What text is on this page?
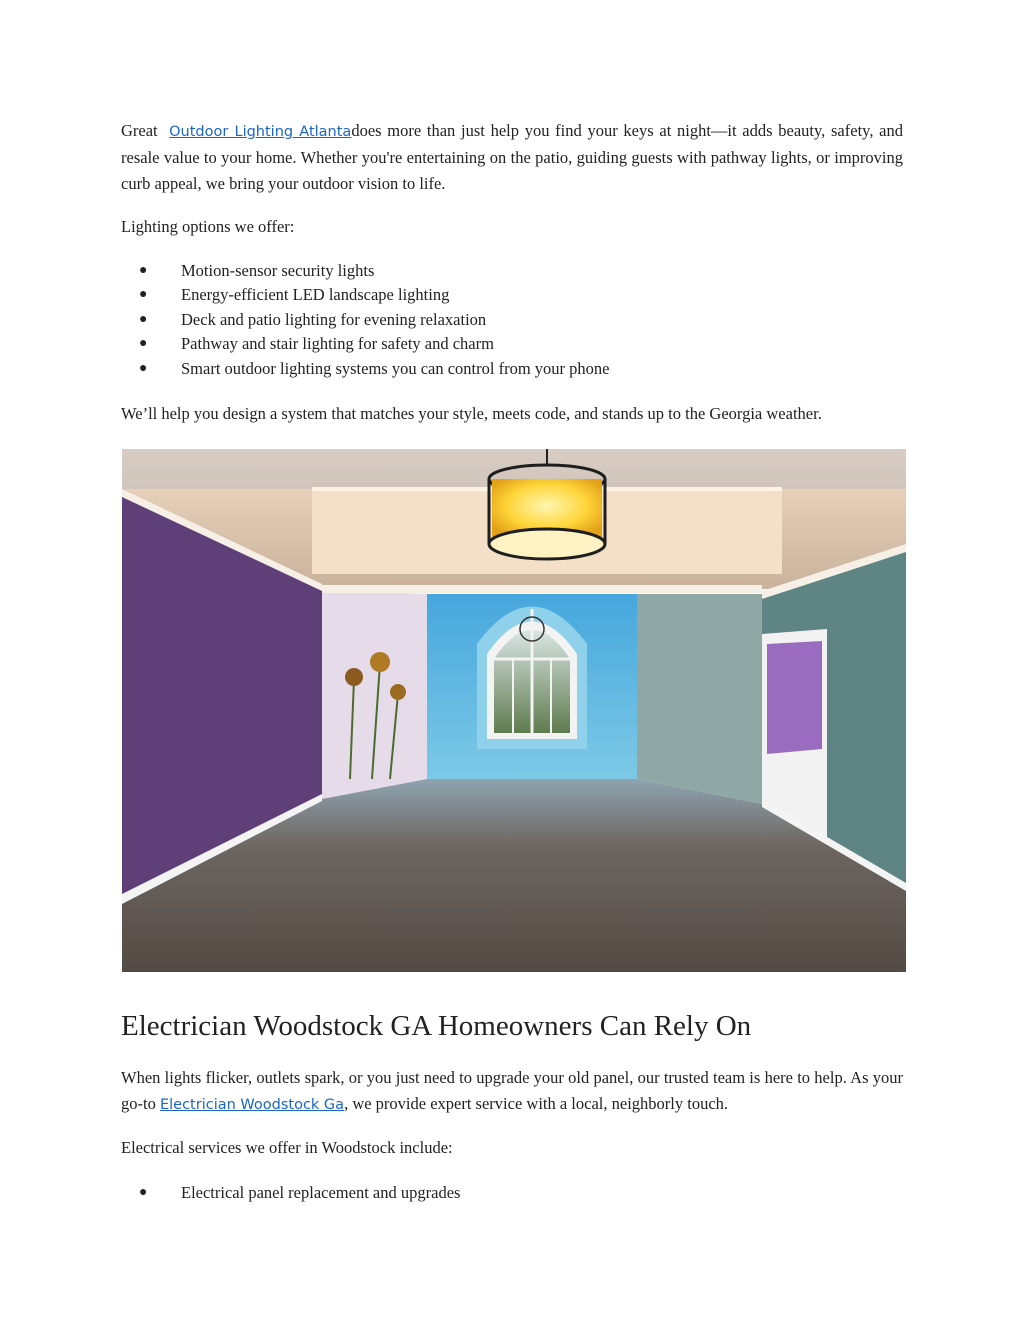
Great Outdoor Lighting Atlantadoes more than just help you find your keys at night—it adds beauty, safety, and resale value to your home. Whether you're entertaining on the patio, guiding guests with pathway lights, or improving curb appeal, we bring your outdoor vision to life.

Lighting options we offer:

● Motion-sensor security lights
● Energy-efficient LED landscape lighting
● Deck and patio lighting for evening relaxation
● Pathway and stair lighting for safety and charm
● Smart outdoor lighting systems you can control from your phone

We’ll help you design a system that matches your style, meets code, and stands up to the Georgia weather.

Electrician Woodstock GA Homeowners Can Rely On

When lights flicker, outlets spark, or you just need to upgrade your old panel, our trusted team is here to help. As your go-to Electrician Woodstock Ga, we provide expert service with a local, neighborly touch.

Electrical services we offer in Woodstock include:

● Electrical panel replacement and upgrades
